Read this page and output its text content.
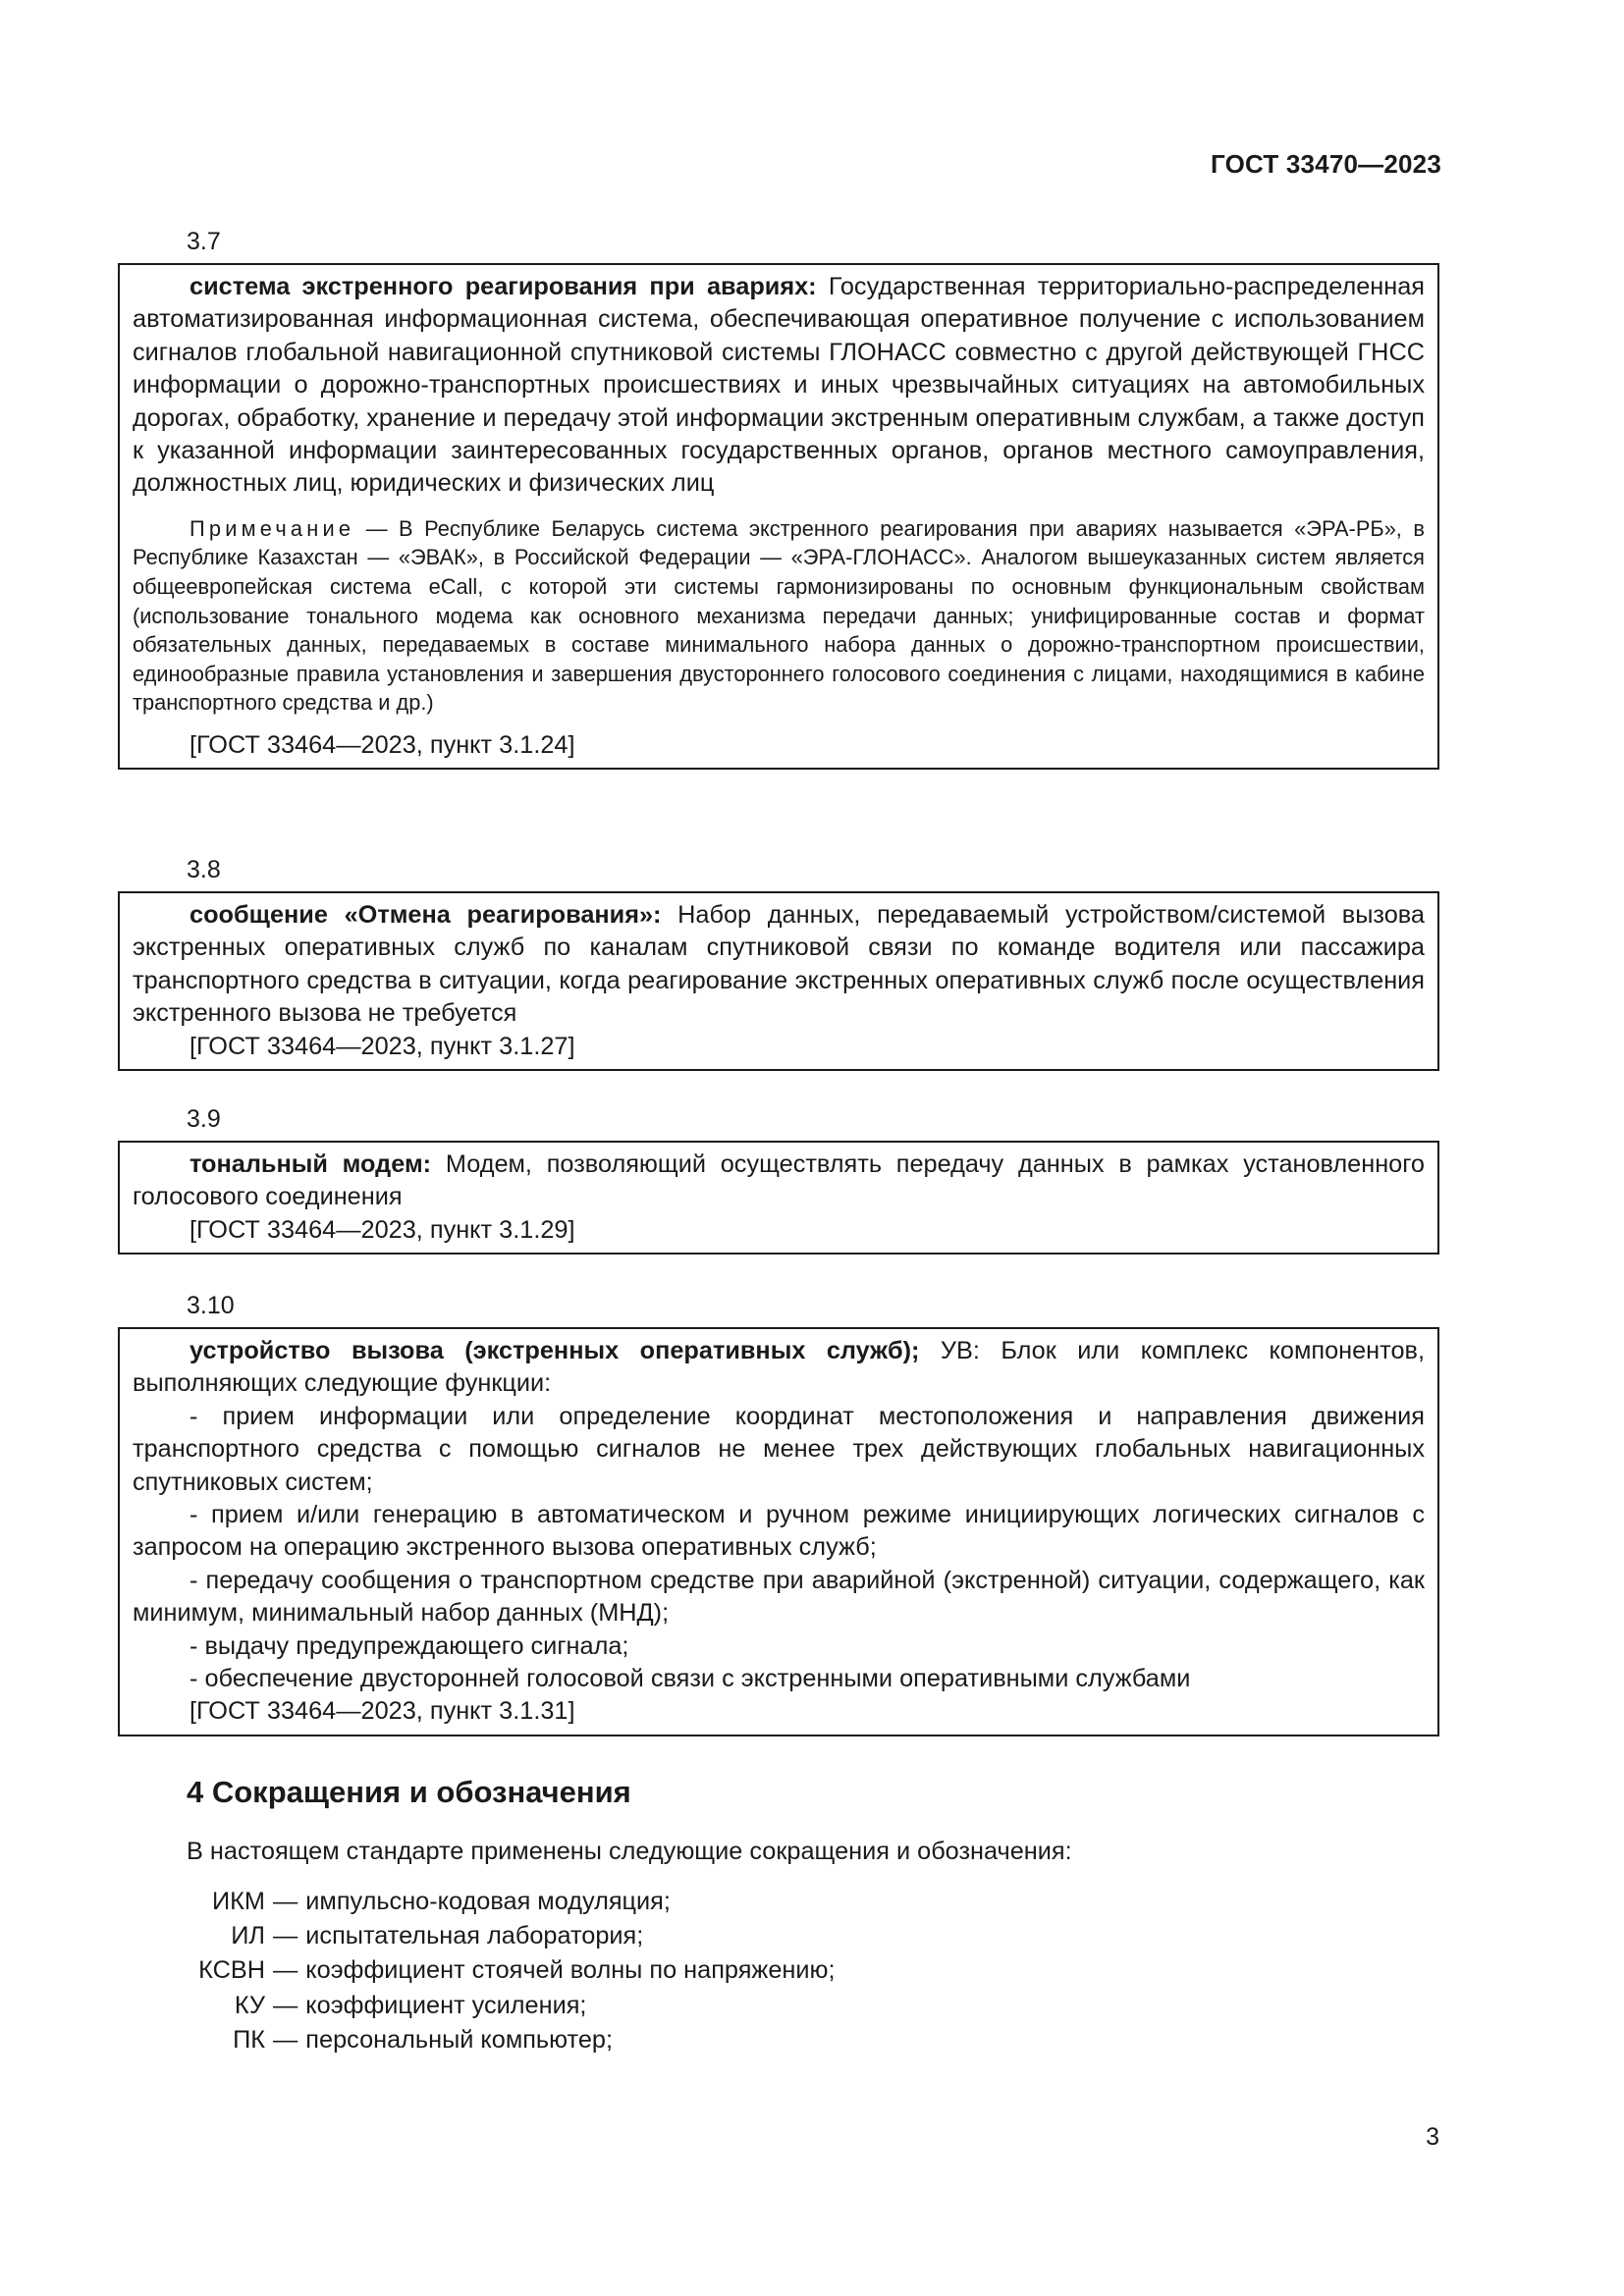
ГОСТ 33470—2023
3.7

система экстренного реагирования при авариях: Государственная территориально-распределенная автоматизированная информационная система, обеспечивающая оперативное получение с использованием сигналов глобальной навигационной спутниковой системы ГЛОНАСС совместно с другой действующей ГНСС информации о дорожно-транспортных происшествиях и иных чрезвычайных ситуациях на автомобильных дорогах, обработку, хранение и передачу этой информации экстренным оперативным службам, а также доступ к указанной информации заинтересованных государственных органов, органов местного самоуправления, должностных лиц, юридических и физических лиц

Примечание — В Республике Беларусь система экстренного реагирования при авариях называется «ЭРА-РБ», в Республике Казахстан — «ЭВАК», в Российской Федерации — «ЭРА-ГЛОНАСС». Аналогом вышеуказанных систем является общеевропейская система eCall, с которой эти системы гармонизированы по основным функциональным свойствам (использование тонального модема как основного механизма передачи данных; унифицированные состав и формат обязательных данных, передаваемых в составе минимального набора данных о дорожно-транспортном происшествии, единообразные правила установления и завершения двустороннего голосового соединения с лицами, находящимися в кабине транспортного средства и др.)

[ГОСТ 33464—2023, пункт 3.1.24]

3.8

сообщение «Отмена реагирования»: Набор данных, передаваемый устройством/системой вызова экстренных оперативных служб по каналам спутниковой связи по команде водителя или пассажира транспортного средства в ситуации, когда реагирование экстренных оперативных служб после осуществления экстренного вызова не требуется

[ГОСТ 33464—2023, пункт 3.1.27]

3.9

тональный модем: Модем, позволяющий осуществлять передачу данных в рамках установленного голосового соединения

[ГОСТ 33464—2023, пункт 3.1.29]

3.10

устройство вызова (экстренных оперативных служб); УВ: Блок или комплекс компонентов, выполняющих следующие функции:

- прием информации или определение координат местоположения и направления движения транспортного средства с помощью сигналов не менее трех действующих глобальных навигационных спутниковых систем;

- прием и/или генерацию в автоматическом и ручном режиме инициирующих логических сигналов с запросом на операцию экстренного вызова оперативных служб;

- передачу сообщения о транспортном средстве при аварийной (экстренной) ситуации, содержащего, как минимум, минимальный набор данных (МНД);

- выдачу предупреждающего сигнала;

- обеспечение двусторонней голосовой связи с экстренными оперативными службами

[ГОСТ 33464—2023, пункт 3.1.31]

4 Сокращения и обозначения
В настоящем стандарте применены следующие сокращения и обозначения:
ИКМ — импульсно-кодовая модуляция;
ИЛ — испытательная лаборатория;
КСВН — коэффициент стоячей волны по напряжению;
КУ — коэффициент усиления;
ПК — персональный компьютер;
3
